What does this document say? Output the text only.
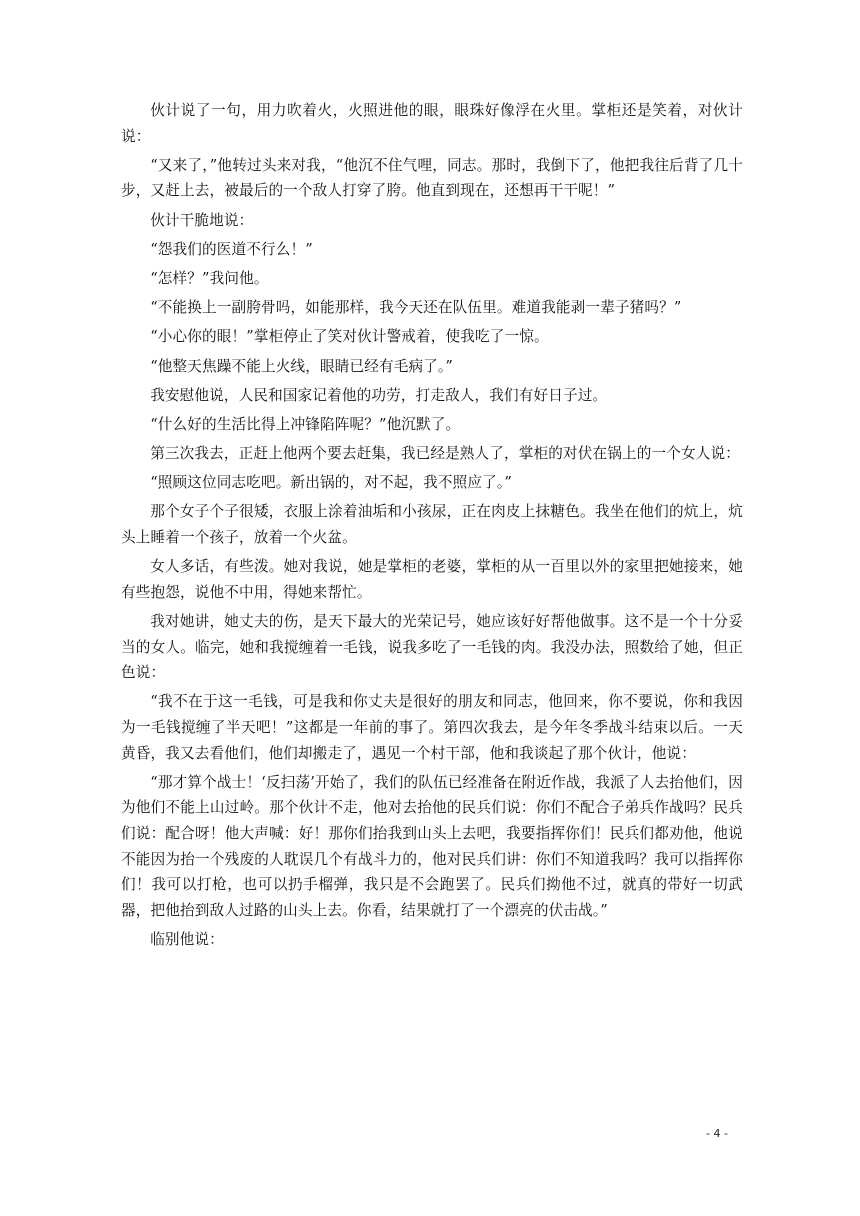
伙计说了一句，用力吹着火，火照进他的眼，眼珠好像浮在火里。掌柜还是笑着，对伙计说：

“又来了，”他转过头来对我，“他沉不住气哩，同志。那时，我倒下了，他把我往后背了几十步，又赶上去，被最后的一个敌人打穿了胯。他直到现在，还想再干干呢！”

伙计干脆地说：

“怨我们的医道不行么！”

“怎样？”我问他。

“不能换上一副胯骨吗，如能那样，我今天还在队伍里。难道我能剥一辈子猪吗？”

“小心你的眼！”掌柜停止了笑对伙计警戒着，使我吃了一惊。

“他整天焦躁不能上火线，眼睛已经有毛病了。”

我安慰他说，人民和国家记着他的功劳，打走敌人，我们有好日子过。

“什么好的生活比得上冲锋陷阵呢？”他沉默了。

第三次我去，正赶上他两个要去赶集，我已经是熟人了，掌柜的对伏在锅上的一个女人说：

“照顾这位同志吃吧。新出锅的，对不起，我不照应了。”

那个女子个子很矮，衣服上涂着油垢和小孩尿，正在肉皮上抹糖色。我坐在他们的炕上，炕头上睡着一个孩子，放着一个火盆。

女人多话，有些泼。她对我说，她是掌柜的老婆，掌柜的从一百里以外的家里把她接来，她有些抱怨，说他不中用，得她来帮忙。

我对她讲，她丈夫的伤，是天下最大的光荣记号，她应该好好帮他做事。这不是一个十分妥当的女人。临完，她和我搅缠着一毛钱，说我多吃了一毛钱的肉。我没办法，照数给了她，但正色说：

“我不在于这一毛钱，可是我和你丈夫是很好的朋友和同志，他回来，你不要说，你和我因为一毛钱搅缠了半天吧！”这都是一年前的事了。第四次我去，是今年冬季战斗结束以后。一天黄昏，我又去看他们，他们却搬走了，遇见一个村干部，他和我谈起了那个伙计，他说：

“那才算个战士！‘反扫荡’开始了，我们的队伍已经准备在附近作战，我派了人去抬他们，因为他们不能上山过岭。那个伙计不走，他对去抬他的民兵们说：你们不配合子弟兵作战吗？民兵们说：配合呀！他大声喊：好！那你们抬我到山头上去吧，我要指挥你们！民兵们都劝他，他说不能因为抬一个残废的人耽误几个有战斗力的，他对民兵们讲：你们不知道我吗？我可以指挥你们！我可以打枪，也可以扔手榴弹，我只是不会跑罢了。民兵们拗他不过，就真的带好一切武器，把他抬到敌人过路的山头上去。你看，结果就打了一个漂亮的伏击战。”

临别他说：

- 4 -
